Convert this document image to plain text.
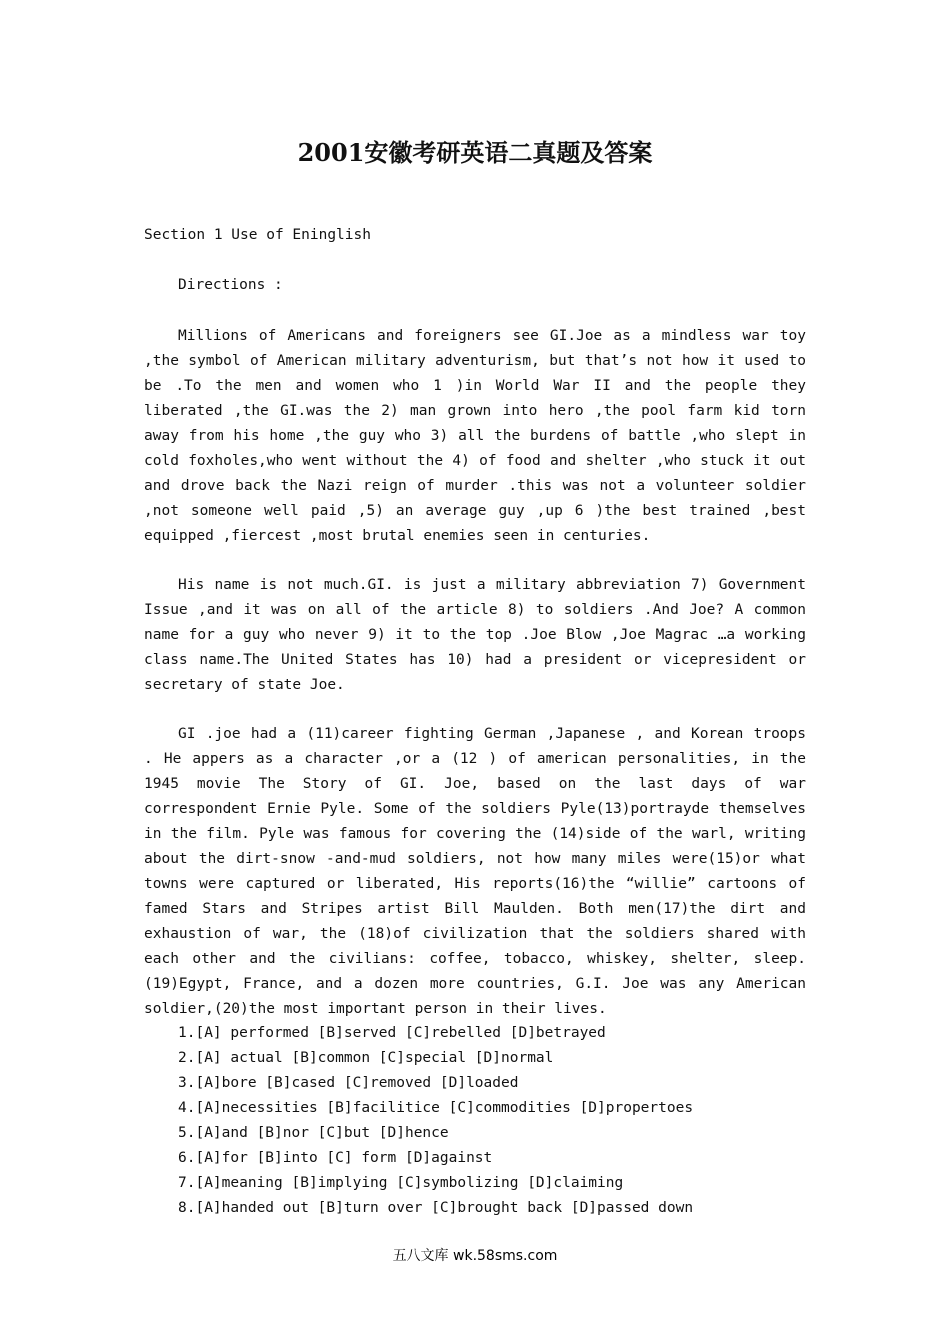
2001安徽考研英语二真题及答案

Section 1 Use of Eninglish

Directions :

Millions of Americans and foreigners see GI.Joe as a mindless war toy ,the symbol of American military adventurism, but that’s not how it used to be .To the men and women who 1 )in World War II and the people they liberated ,the GI.was the 2) man grown into hero ,the pool farm kid torn away from his home ,the guy who 3) all the burdens of battle ,who slept in cold foxholes,who went without the 4) of food and shelter ,who stuck it out and drove back the Nazi reign of murder .this was not a volunteer soldier ,not someone well paid ,5) an average guy ,up 6 )the best trained ,best equipped ,fiercest ,most brutal enemies seen in centuries.

His name is not much.GI. is just a military abbreviation 7) Government Issue ,and it was on all of the article 8) to soldiers .And Joe? A common name for a guy who never 9) it to the top .Joe Blow ,Joe Magrac …a working class name.The United States has 10) had a president or vicepresident or secretary of state Joe.

GI .joe had a (11)career fighting German ,Japanese , and Korean troops . He appers as a character ,or a (12 ) of american personalities, in the 1945 movie The Story of GI. Joe, based on the last days of war correspondent Ernie Pyle. Some of the soldiers Pyle(13)portrayde themselves in the film. Pyle was famous for covering the (14)side of the warl, writing about the dirt-snow -and-mud soldiers, not how many miles were(15)or what towns were captured or liberated, His reports(16)the “willie” cartoons of famed Stars and Stripes artist Bill Maulden. Both men(17)the dirt and exhaustion of war, the (18)of civilization that the soldiers shared with each other and the civilians: coffee, tobacco, whiskey, shelter, sleep. (19)Egypt, France, and a dozen more countries, G.I. Joe was any American soldier,(20)the most important person in their lives.

1.[A] performed [B]served [C]rebelled [D]betrayed
2.[A] actual [B]common [C]special [D]normal
3.[A]bore [B]cased [C]removed [D]loaded
4.[A]necessities [B]facilitice [C]commodities [D]propertoes
5.[A]and [B]nor [C]but [D]hence
6.[A]for [B]into [C] form [D]against
7.[A]meaning [B]implying [C]symbolizing [D]claiming
8.[A]handed out [B]turn over [C]brought back [D]passed down
五八文库 wk.58sms.com
